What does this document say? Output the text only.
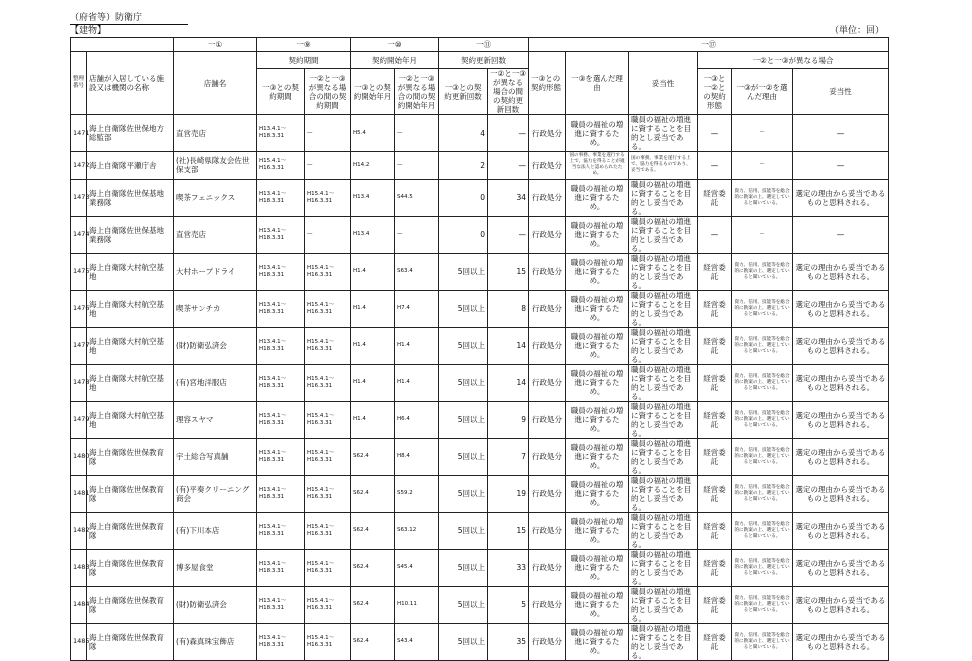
（府省等）防衛庁
【建物】	（単位：回）
		一①	一⑨		一⑩		一⑪		一⑰					
整理番号	店舗が入居している施設又は機関の名称	店舗名	契約期間		契約開始年月		契約更新回数		一③との契約形態	一③を選んだ理由	妥当性	一②と一③が異なる場合		
			一③との契約期間	一②と一③が異なる場合の間の契約期間	一③との契約開始年月	一②と一③が異なる場合の間の契約開始年月	一③との契約更新回数	一②と一③が異なる場合の間の契約更新回数				一③と一②との契約形態	一③が一②を選んだ理由	妥当性
1471	海上自衛隊佐世保地方総監部	直営売店	H13.4.1〜H18.3.31	—	H5.4	—	4	—	行政処分	職員の福祉の増進に資するため。	職員の福祉の増進に資することを目的とし妥当である。	—	—	—
1472	海上自衛隊平瀬庁舎	(社)長崎県隊友会佐世保支部	H15.4.1〜H16.3.31	—	H14.2	—	2	—	行政処分	国の事務、事業を遂行する上で、協力を得ることが適当な法人と認められたため。	国の事務、事業を遂行する上で、協力を得るものであり、妥当である。	—	—	—
1473	海上自衛隊佐世保基地業務隊	喫茶フェニックス	H13.4.1〜H18.3.31	H15.4.1〜H16.3.31	H13.4	S44.5	0	34	行政処分	職員の福祉の増進に資するため。	職員の福祉の増進に資することを目的とし妥当である。	経営委託	資力、信用、技能等を総合的に勘案の上、選定していると聞いている。	選定の理由から妥当であるものと思料される。
1474	海上自衛隊佐世保基地業務隊	直営売店	H13.4.1〜H18.3.31	—	H13.4	—	0	—	行政処分	職員の福祉の増進に資するため。	職員の福祉の増進に資することを目的とし妥当である。	—	—	—
1475	海上自衛隊大村航空基地	大村ホープドライ	H13.4.1〜H18.3.31	H15.4.1〜H16.3.31	H1.4	S63.4	5回以上	15	行政処分	職員の福祉の増進に資するため。	職員の福祉の増進に資することを目的とし妥当である。	経営委託	資力、信用、技能等を総合的に勘案の上、選定していると聞いている。	選定の理由から妥当であるものと思料される。
1476	海上自衛隊大村航空基地	喫茶サンチカ	H13.4.1〜H18.3.31	H15.4.1〜H16.3.31	H1.4	H7.4	5回以上	8	行政処分	職員の福祉の増進に資するため。	職員の福祉の増進に資することを目的とし妥当である。	経営委託	資力、信用、技能等を総合的に勘案の上、選定していると聞いている。	選定の理由から妥当であるものと思料される。
1477	海上自衛隊大村航空基地	(財)防衛弘済会	H13.4.1〜H18.3.31	H15.4.1〜H16.3.31	H1.4	H1.4	5回以上	14	行政処分	職員の福祉の増進に資するため。	職員の福祉の増進に資することを目的とし妥当である。	経営委託	資力、信用、技能等を総合的に勘案の上、選定していると聞いている。	選定の理由から妥当であるものと思料される。
1478	海上自衛隊大村航空基地	(有)宮地洋服店	H13.4.1〜H18.3.31	H15.4.1〜H16.3.31	H1.4	H1.4	5回以上	14	行政処分	職員の福祉の増進に資するため。	職員の福祉の増進に資することを目的とし妥当である。	経営委託	資力、信用、技能等を総合的に勘案の上、選定していると聞いている。	選定の理由から妥当であるものと思料される。
1479	海上自衛隊大村航空基地	理容スヤマ	H13.4.1〜H18.3.31	H15.4.1〜H16.3.31	H1.4	H6.4	5回以上	9	行政処分	職員の福祉の増進に資するため。	職員の福祉の増進に資することを目的とし妥当である。	経営委託	資力、信用、技能等を総合的に勘案の上、選定していると聞いている。	選定の理由から妥当であるものと思料される。
1480	海上自衛隊佐世保教育隊	宇土総合写真舗	H13.4.1〜H18.3.31	H15.4.1〜H16.3.31	S62.4	H8.4	5回以上	7	行政処分	職員の福祉の増進に資するため。	職員の福祉の増進に資することを目的とし妥当である。	経営委託	資力、信用、技能等を総合的に勘案の上、選定していると聞いている。	選定の理由から妥当であるものと思料される。
1481	海上自衛隊佐世保教育隊	(有)平奏クリーニング商会	H13.4.1〜H18.3.31	H15.4.1〜H16.3.31	S62.4	S59.2	5回以上	19	行政処分	職員の福祉の増進に資するため。	職員の福祉の増進に資することを目的とし妥当である。	経営委託	資力、信用、技能等を総合的に勘案の上、選定していると聞いている。	選定の理由から妥当であるものと思料される。
1482	海上自衛隊佐世保教育隊	(有)下川本店	H13.4.1〜H18.3.31	H15.4.1〜H16.3.31	S62.4	S63.12	5回以上	15	行政処分	職員の福祉の増進に資するため。	職員の福祉の増進に資することを目的とし妥当である。	経営委託	資力、信用、技能等を総合的に勘案の上、選定していると聞いている。	選定の理由から妥当であるものと思料される。
1483	海上自衛隊佐世保教育隊	博多屋食堂	H13.4.1〜H18.3.31	H15.4.1〜H16.3.31	S62.4	S45.4	5回以上	33	行政処分	職員の福祉の増進に資するため。	職員の福祉の増進に資することを目的とし妥当である。	経営委託	資力、信用、技能等を総合的に勘案の上、選定していると聞いている。	選定の理由から妥当であるものと思料される。
1484	海上自衛隊佐世保教育隊	(財)防衛弘済会	H13.4.1〜H18.3.31	H15.4.1〜H16.3.31	S62.4	H10.11	5回以上	5	行政処分	職員の福祉の増進に資するため。	職員の福祉の増進に資することを目的とし妥当である。	経営委託	資力、信用、技能等を総合的に勘案の上、選定していると聞いている。	選定の理由から妥当であるものと思料される。
1485	海上自衛隊佐世保教育隊	(有)森真珠宝飾店	H13.4.1〜H18.3.31	H15.4.1〜H16.3.31	S62.4	S43.4	5回以上	35	行政処分	職員の福祉の増進に資するため。	職員の福祉の増進に資することを目的とし妥当である。	経営委託	資力、信用、技能等を総合的に勘案の上、選定していると聞いている。	選定の理由から妥当であるものと思料される。
